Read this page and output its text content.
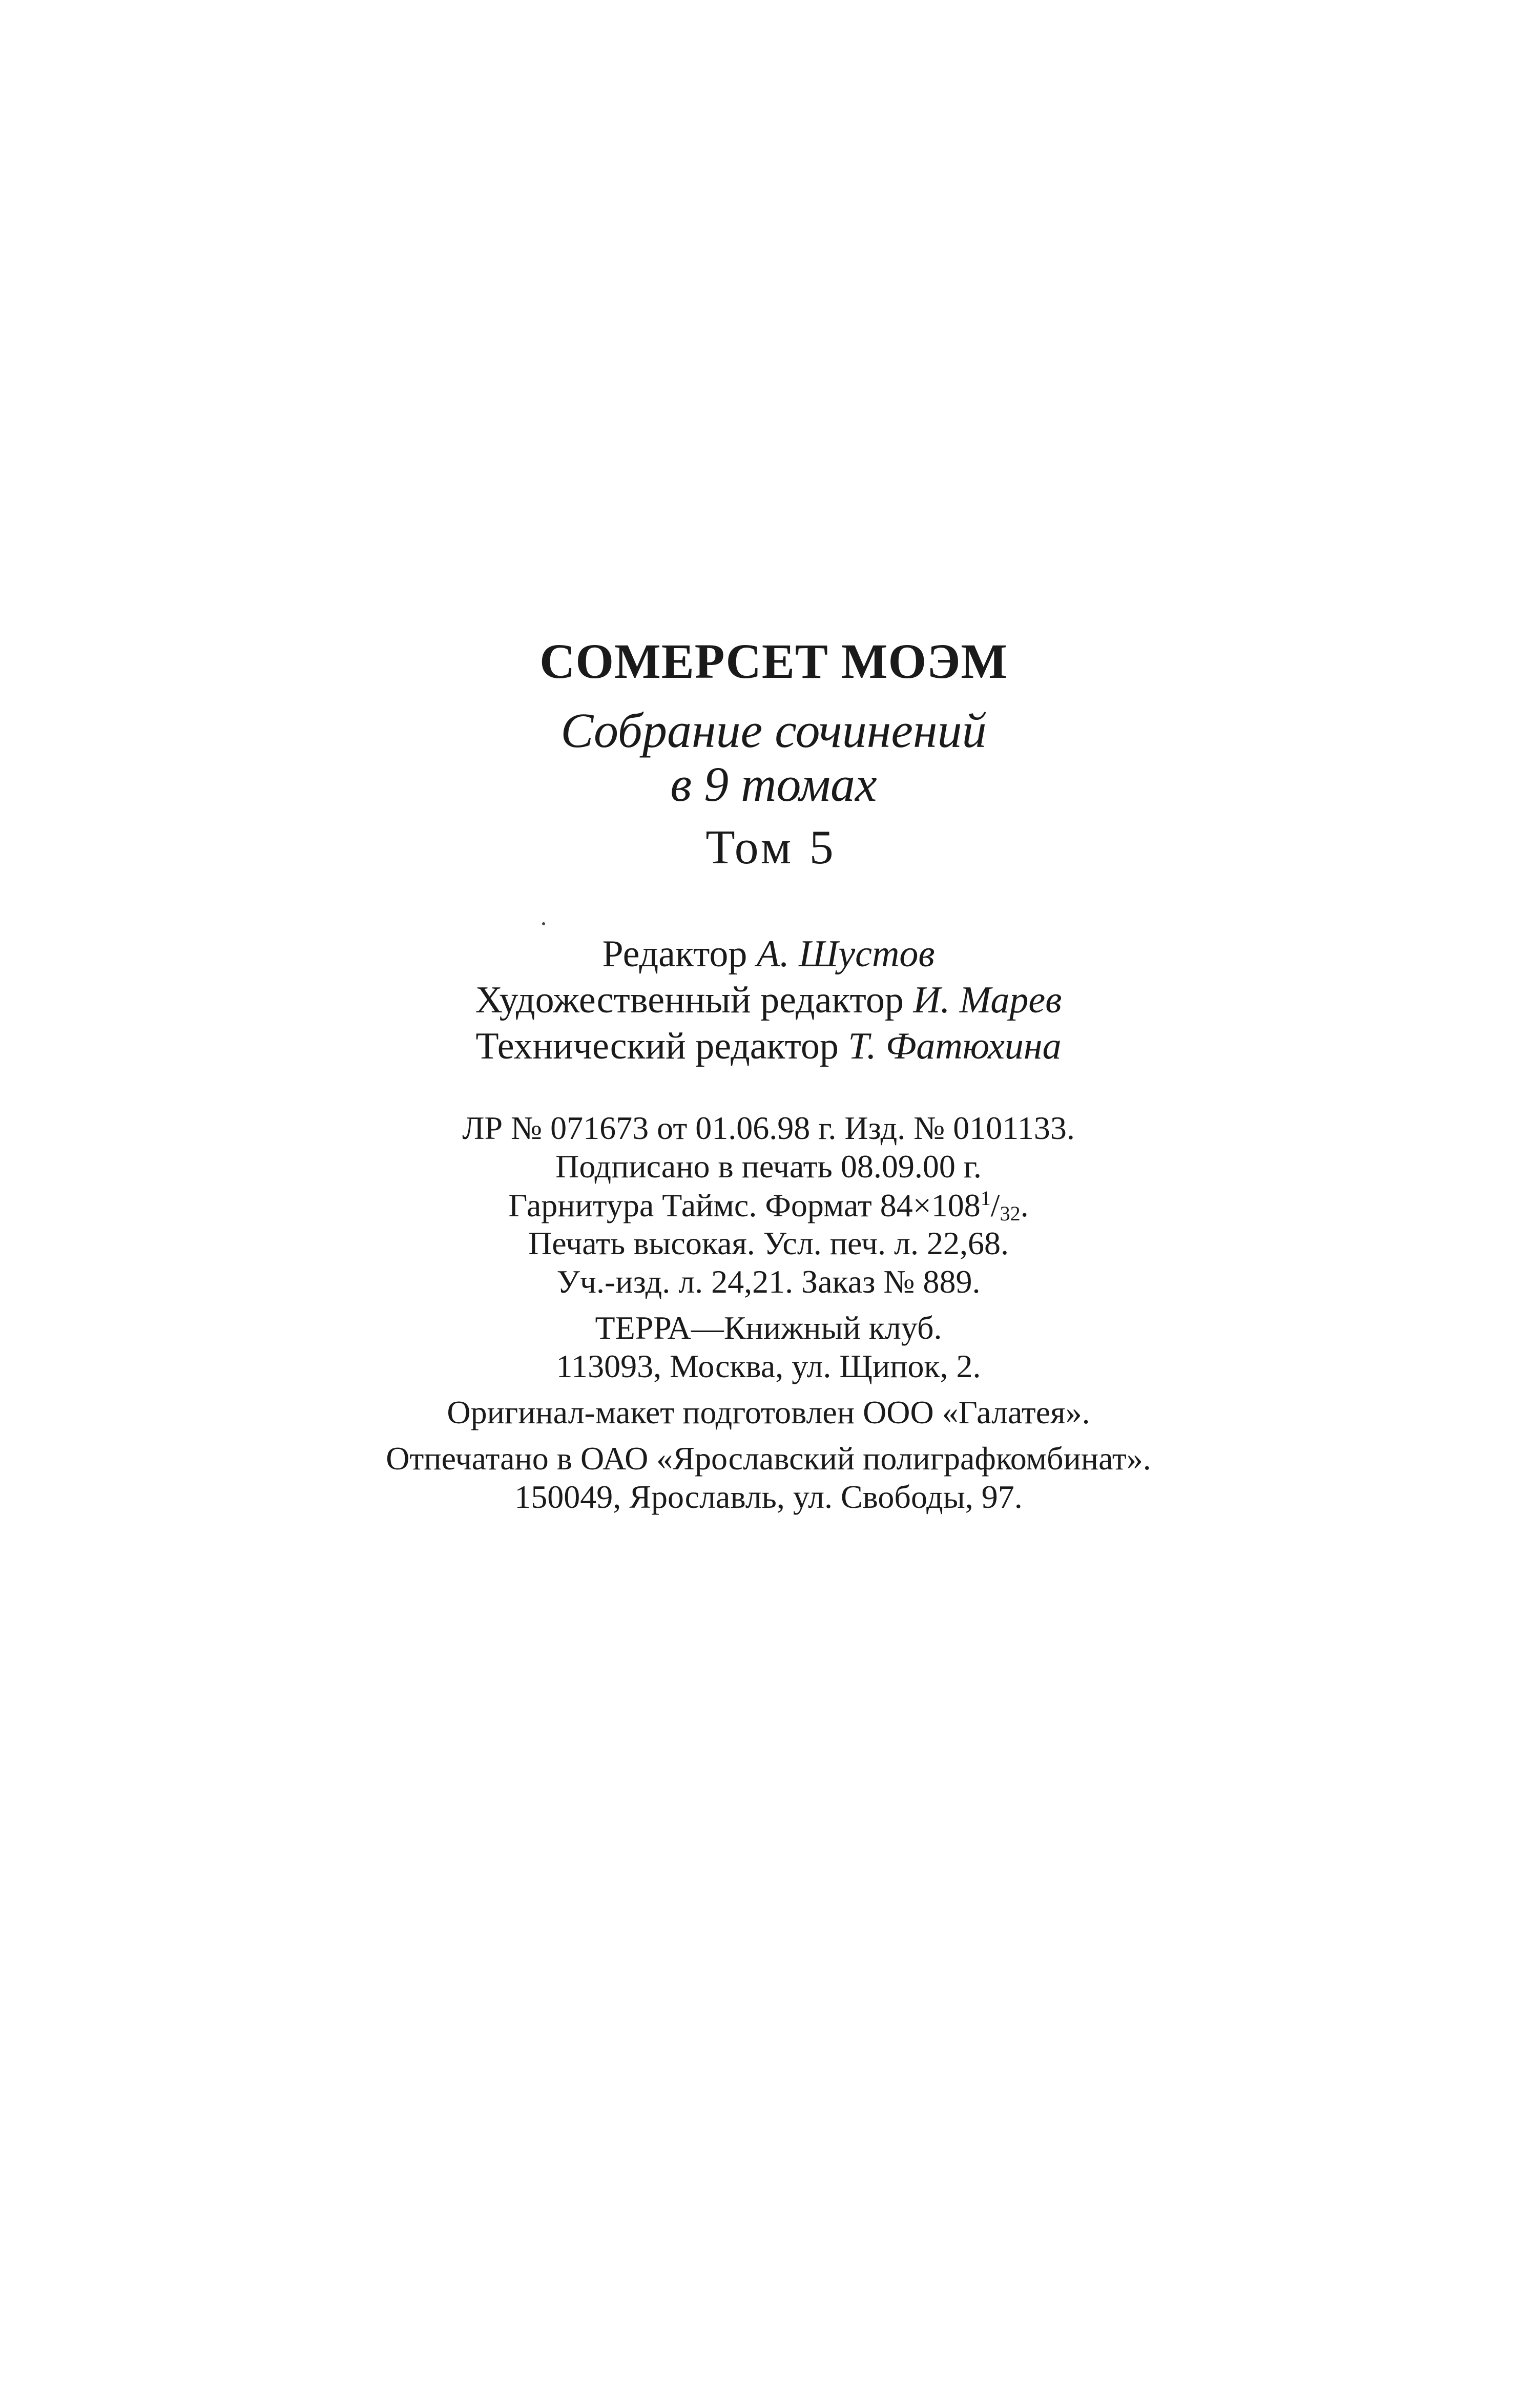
СОМЕРСЕТ МОЭМ

Собрание сочинений

в 9 томах

Том 5

Редактор А. Шустов

Художественный редактор И. Марев

Технический редактор Т. Фатюхина

ЛР № 071673 от 01.06.98 г. Изд. № 0101133.

Подписано в печать 08.09.00 г.

Гарнитура Таймс. Формат $84\times 108^1/_{32}$.

Печать высокая. Усл. печ. л. 22,68.

Уч.-изд. л. 24,21. Заказ № 889.

ТЕРРА—Книжный клуб.

113093, Москва, ул. Щипок, 2.

Оригинал-макет подготовлен ООО «Галатея».

Отпечатано в ОАО «Ярославский полиграфкомбинат».

150049, Ярославль, ул. Свободы, 97.
